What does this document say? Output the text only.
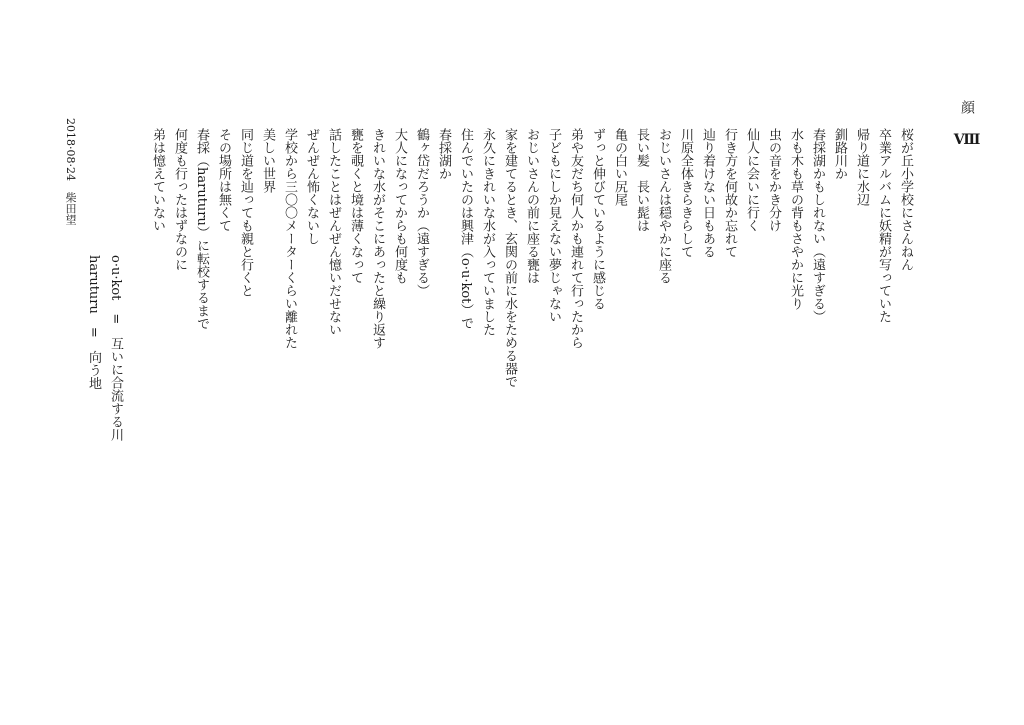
顔 Ⅷ
桜が丘小学校にさんねん
卒業アルバムに妖精が写っていた
帰り道に水辺
釧路川か
春採湖かもしれない（遠すぎる）
水も木も草の背もさやかに光り
虫の音をかき分け
仙人に会いに行く
行き方を何故か忘れて
辿り着けない日もある
川原全体きらきらして
おじいさんは穏やかに座る
長い髪　長い髭は
亀の白い尻尾
ずっと伸びているように感じる
弟や友だち何人かも連れて行ったから
子どもにしか見えない夢じゃない
おじいさんの前に座る甕は
家を建てるとき、玄関の前に水をためる器で
永久にきれいな水が入っていました
住んでいたのは興津（o·u·kot）で
春採湖か
鶴ヶ岱だろうか（遠すぎる）
大人になってからも何度も
きれいな水がそこにあったと繰り返す
甕を覗くと境は薄くなって
話したことはぜんぜん憶いだせない
ぜんぜん怖くないし
学校から三〇〇メーターくらい離れた
美しい世界
同じ道を辿っても親と行くと
その場所は無くて
春採（haruturu）に転校するまで
何度も行ったはずなのに
弟は憶えていない
o·u·kot　=　互いに合流する川
haruturu　=　向う地
2018·08·24　柴田望
